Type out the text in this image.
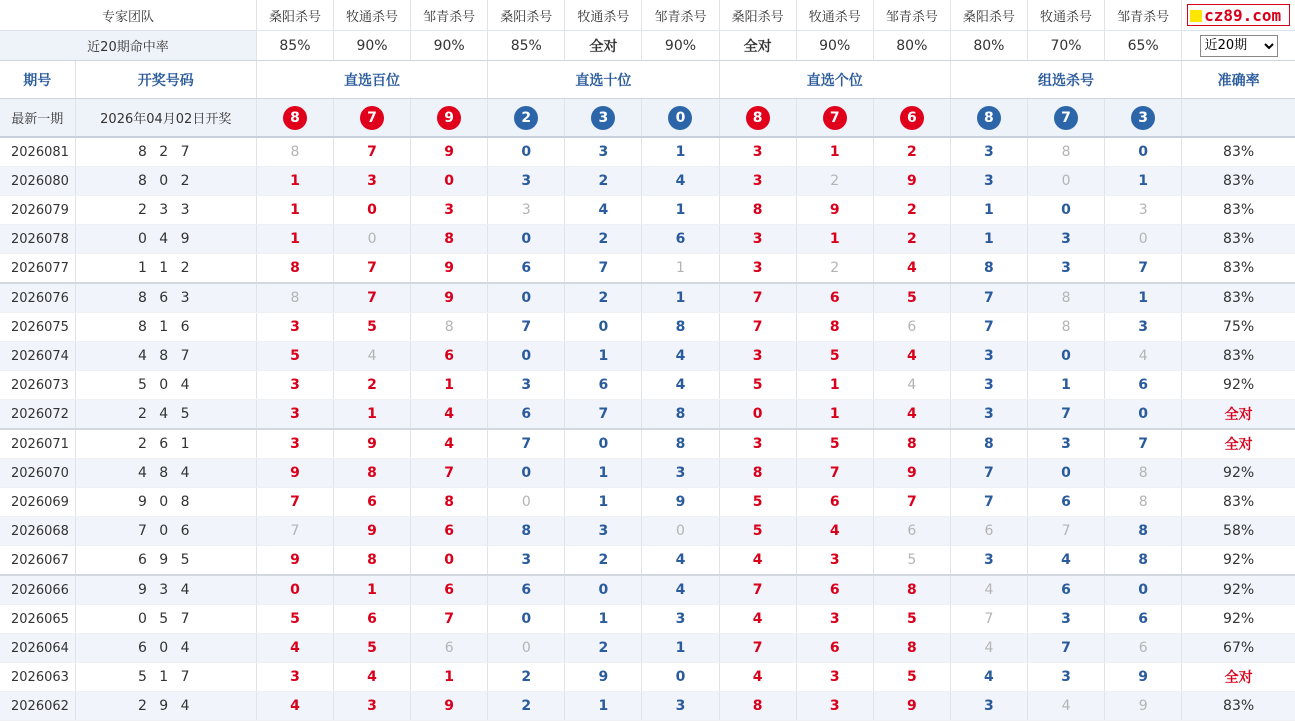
专家团队		桑阳杀号	牧通杀号	邹青杀号	桑阳杀号	牧通杀号	邹青杀号	桑阳杀号	牧通杀号	邹青杀号	桑阳杀号	牧通杀号	邹青杀号	cz89.com
近20期命中率		85%	90%	90%	85%	全对	90%	全对	90%	80%	80%	70%	65%	
近20期
期号	开奖号码	直选百位			直选十位			直选个位			组选杀号			准确率
最新一期	2026年04月02日开奖	8	7	9	2	3	0	8	7	6	8	7	3	
2026081	8 2 7	8	7	9	0	3	1	3	1	2	3	8	0	83%
2026080	8 0 2	1	3	0	3	2	4	3	2	9	3	0	1	83%
2026079	2 3 3	1	0	3	3	4	1	8	9	2	1	0	3	83%
2026078	0 4 9	1	0	8	0	2	6	3	1	2	1	3	0	83%
2026077	1 1 2	8	7	9	6	7	1	3	2	4	8	3	7	83%
2026076	8 6 3	8	7	9	0	2	1	7	6	5	7	8	1	83%
2026075	8 1 6	3	5	8	7	0	8	7	8	6	7	8	3	75%
2026074	4 8 7	5	4	6	0	1	4	3	5	4	3	0	4	83%
2026073	5 0 4	3	2	1	3	6	4	5	1	4	3	1	6	92%
2026072	2 4 5	3	1	4	6	7	8	0	1	4	3	7	0	全对
2026071	2 6 1	3	9	4	7	0	8	3	5	8	8	3	7	全对
2026070	4 8 4	9	8	7	0	1	3	8	7	9	7	0	8	92%
2026069	9 0 8	7	6	8	0	1	9	5	6	7	7	6	8	83%
2026068	7 0 6	7	9	6	8	3	0	5	4	6	6	7	8	58%
2026067	6 9 5	9	8	0	3	2	4	4	3	5	3	4	8	92%
2026066	9 3 4	0	1	6	6	0	4	7	6	8	4	6	0	92%
2026065	0 5 7	5	6	7	0	1	3	4	3	5	7	3	6	92%
2026064	6 0 4	4	5	6	0	2	1	7	6	8	4	7	6	67%
2026063	5 1 7	3	4	1	2	9	0	4	3	5	4	3	9	全对
2026062	2 9 4	4	3	9	2	1	3	8	3	9	3	4	9	83%
